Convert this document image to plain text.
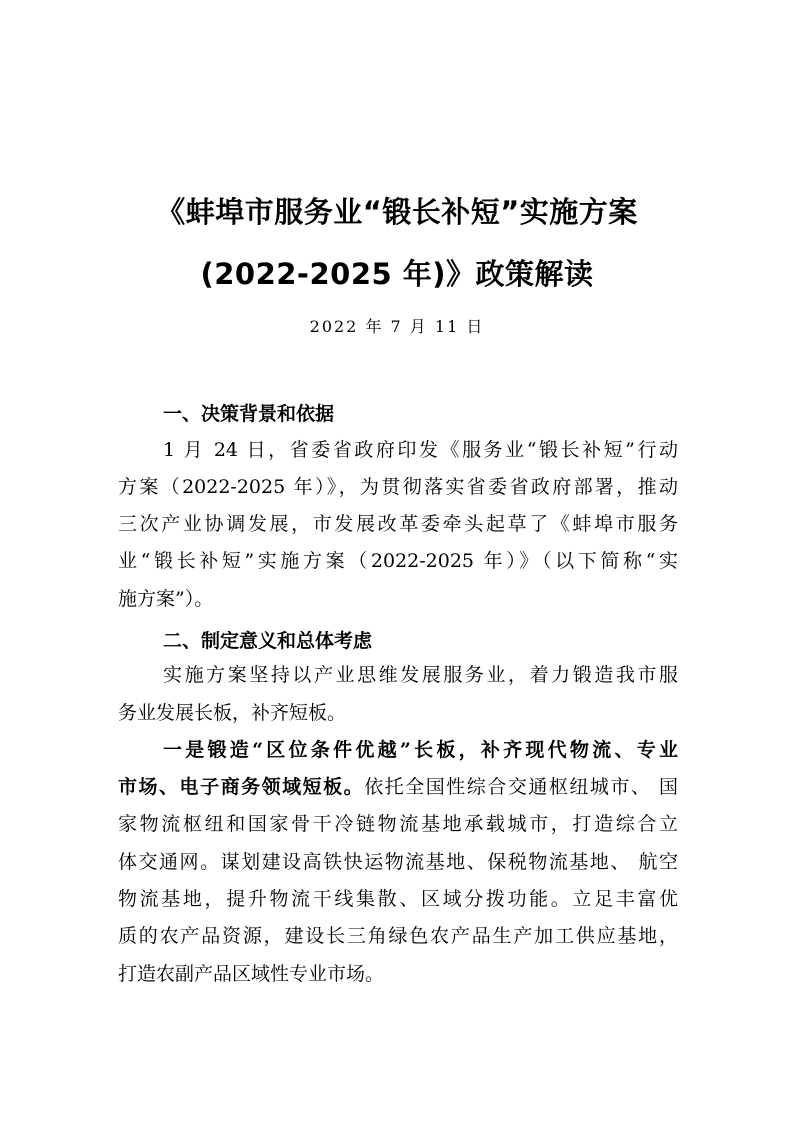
《蚌埠市服务业“锻长补短”实施方案
(2022-2025 年)》政策解读
2022 年 7 月 11 日
一、决策背景和依据
1 月 24 日，省委省政府印发《服务业“锻长补短”行动
方案（2022-2025 年）》，为贯彻落实省委省政府部署，推动
三次产业协调发展，市发展改革委牵头起草了《蚌埠市服务
业“锻长补短”实施方案（2022-2025 年）》（以下简称“实
施方案”）。
二、制定意义和总体考虑
实施方案坚持以产业思维发展服务业，着力锻造我市服
务业发展长板，补齐短板。
一是锻造“区位条件优越”长板，补齐现代物流、专业
市场、电子商务领域短板。依托全国性综合交通枢纽城市、 国
家物流枢纽和国家骨干冷链物流基地承载城市，打造综合立
体交通网。谋划建设高铁快运物流基地、保税物流基地、 航空
物流基地，提升物流干线集散、区域分拨功能。立足丰富优
质的农产品资源，建设长三角绿色农产品生产加工供应基地，
打造农副产品区域性专业市场。
